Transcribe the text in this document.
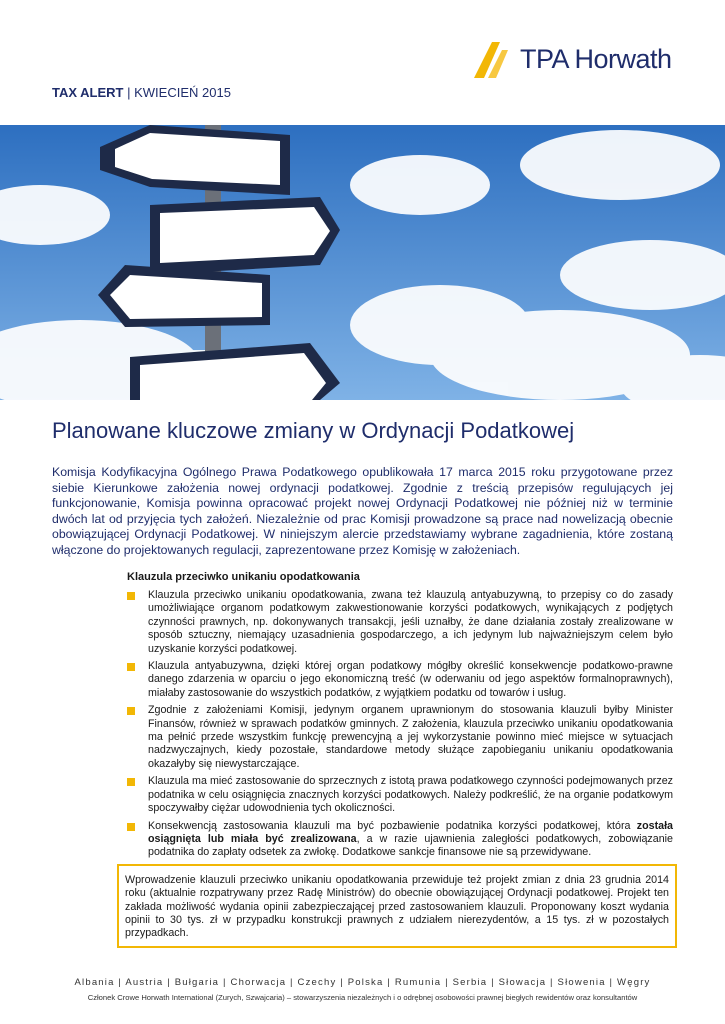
TPA Horwath
TAX ALERT | KWIECIEŃ 2015
Planowane kluczowe zmiany w Ordynacji Podatkowej
Komisja Kodyfikacyjna Ogólnego Prawa Podatkowego opublikowała 17 marca 2015 roku przygotowane przez siebie Kierunkowe założenia nowej ordynacji podatkowej. Zgodnie z treścią przepisów regulujących jej funkcjonowanie, Komisja powinna opracować projekt nowej Ordynacji Podatkowej nie później niż w terminie dwóch lat od przyjęcia tych założeń. Niezależnie od prac Komisji prowadzone są prace nad nowelizacją obecnie obowiązującej Ordynacji Podatkowej. W niniejszym alercie przedstawiamy wybrane zagadnienia, które zostaną włączone do projektowanych regulacji, zaprezentowane przez Komisję w założeniach.
Klauzula przeciwko unikaniu opodatkowania
Klauzula przeciwko unikaniu opodatkowania, zwana też klauzulą antyabuzywną, to przepisy co do zasady umożliwiające organom podatkowym zakwestionowanie korzyści podatkowych, wynikających z podjętych czynności prawnych, np. dokonywanych transakcji, jeśli uznałby, że dane działania zostały zrealizowane w sposób sztuczny, niemający uzasadnienia gospodarczego, a ich jedynym lub najważniejszym celem było uzyskanie korzyści podatkowej.
Klauzula antyabuzywna, dzięki której organ podatkowy mógłby określić konsekwencje podatkowo-prawne danego zdarzenia w oparciu o jego ekonomiczną treść (w oderwaniu od jego aspektów formalnoprawnych), miałaby zastosowanie do wszystkich podatków, z wyjątkiem podatku od towarów i usług.
Zgodnie z założeniami Komisji, jedynym organem uprawnionym do stosowania klauzuli byłby Minister Finansów, również w sprawach podatków gminnych. Z założenia, klauzula przeciwko unikaniu opodatkowania ma pełnić przede wszystkim funkcję prewencyjną a jej wykorzystanie powinno mieć miejsce w sytuacjach nadzwyczajnych, kiedy pozostałe, standardowe metody służące zapobieganiu unikaniu opodatkowania okazałyby się niewystarczające.
Klauzula ma mieć zastosowanie do sprzecznych z istotą prawa podatkowego czynności podejmowanych przez podatnika w celu osiągnięcia znacznych korzyści podatkowych. Należy podkreślić, że na organie podatkowym spoczywałby ciężar udowodnienia tych okoliczności.
Konsekwencją zastosowania klauzuli ma być pozbawienie podatnika korzyści podatkowej, która została osiągnięta lub miała być zrealizowana, a w razie ujawnienia zaległości podatkowych, zobowiązanie podatnika do zapłaty odsetek za zwłokę. Dodatkowe sankcje finansowe nie są przewidywane.
Wprowadzenie klauzuli przeciwko unikaniu opodatkowania przewiduje też projekt zmian z dnia 23 grudnia 2014 roku (aktualnie rozpatrywany przez Radę Ministrów) do obecnie obowiązującej Ordynacji podatkowej. Projekt ten zakłada możliwość wydania opinii zabezpieczającej przed zastosowaniem klauzuli. Proponowany koszt wydania opinii to 30 tys. zł w przypadku konstrukcji prawnych z udziałem nierezydentów, a 15 tys. zł w pozostałych przypadkach.
Albania | Austria | Bułgaria | Chorwacja | Czechy | Polska | Rumunia | Serbia | Słowacja | Słowenia | Węgry
Członek Crowe Horwath International (Zurych, Szwajcaria) – stowarzyszenia niezależnych i o odrębnej osobowości prawnej biegłych rewidentów oraz konsultantów
